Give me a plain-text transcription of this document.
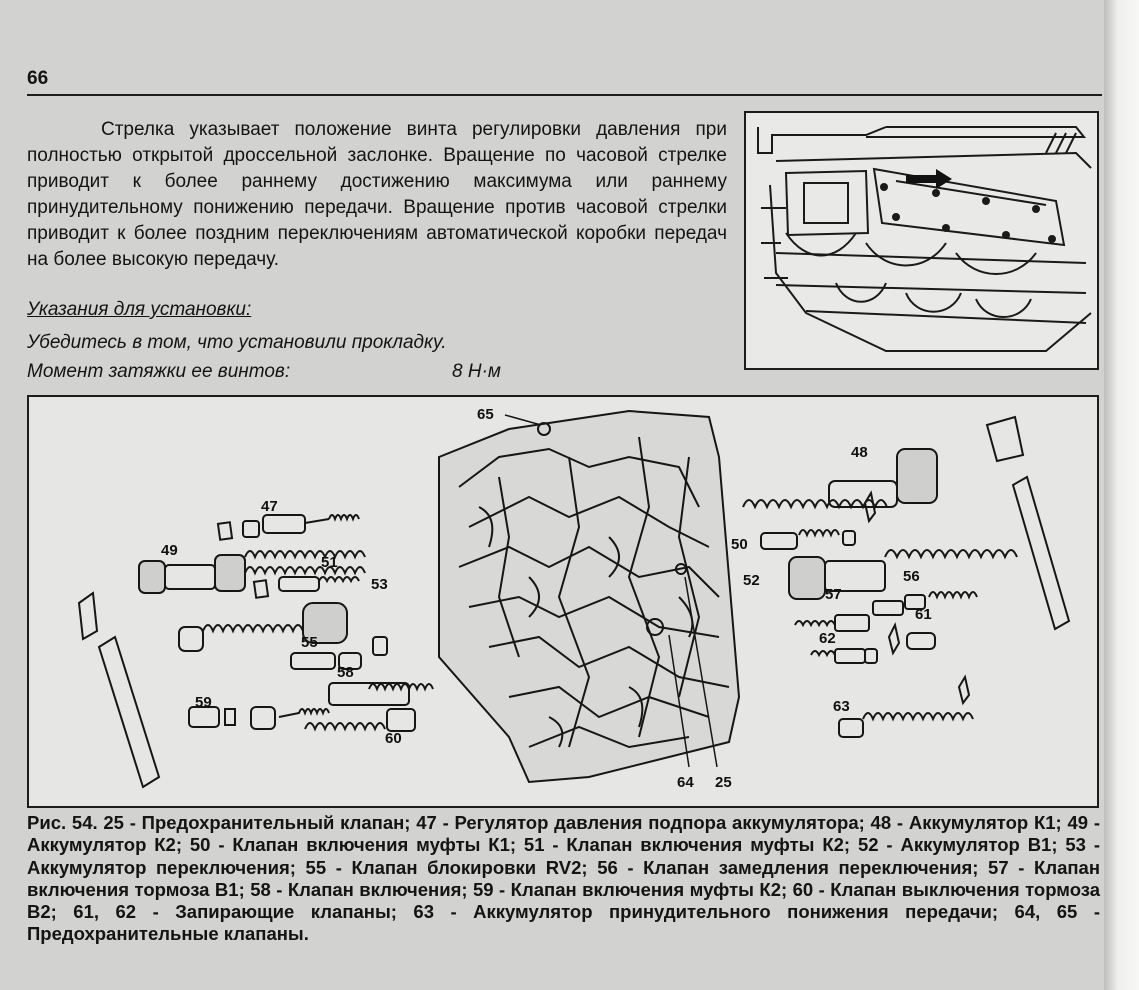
66

Стрелка указывает положение винта регулировки давления при полностью открытой дроссельной заслонке. Вращение по часовой стрелке приводит к более раннему достижению максимума или раннему принудительному понижению передачи. Вращение против часовой стрелки приводит к более поздним переключениям автоматической коробки передач на более высокую передачу.

Указания для установки:

Убедитесь в том, что установили прокладку.

Момент затяжки ее винтов:	8 Н·м

65
48
47
49	50
51
52
53
57
56
55
61
62
58
59
60
63
64 25

Рис. 54. 25 - Предохранительный клапан; 47 - Регулятор давления подпора аккумулятора; 48 - Аккумулятор К1; 49 - Аккумулятор К2; 50 - Клапан включения муфты К1; 51 - Клапан включения муфты К2; 52 - Аккумулятор В1; 53 - Аккумулятор переключения; 55 - Клапан блокировки RV2; 56 - Клапан замедления переключения; 57 - Клапан включения тормоза В1; 58 - Клапан включения; 59 - Клапан включения муфты К2; 60 - Клапан выключения тормоза В2; 61, 62 - Запирающие клапаны; 63 - Аккумулятор принудительного понижения передачи; 64, 65 - Предохранительные клапаны.
